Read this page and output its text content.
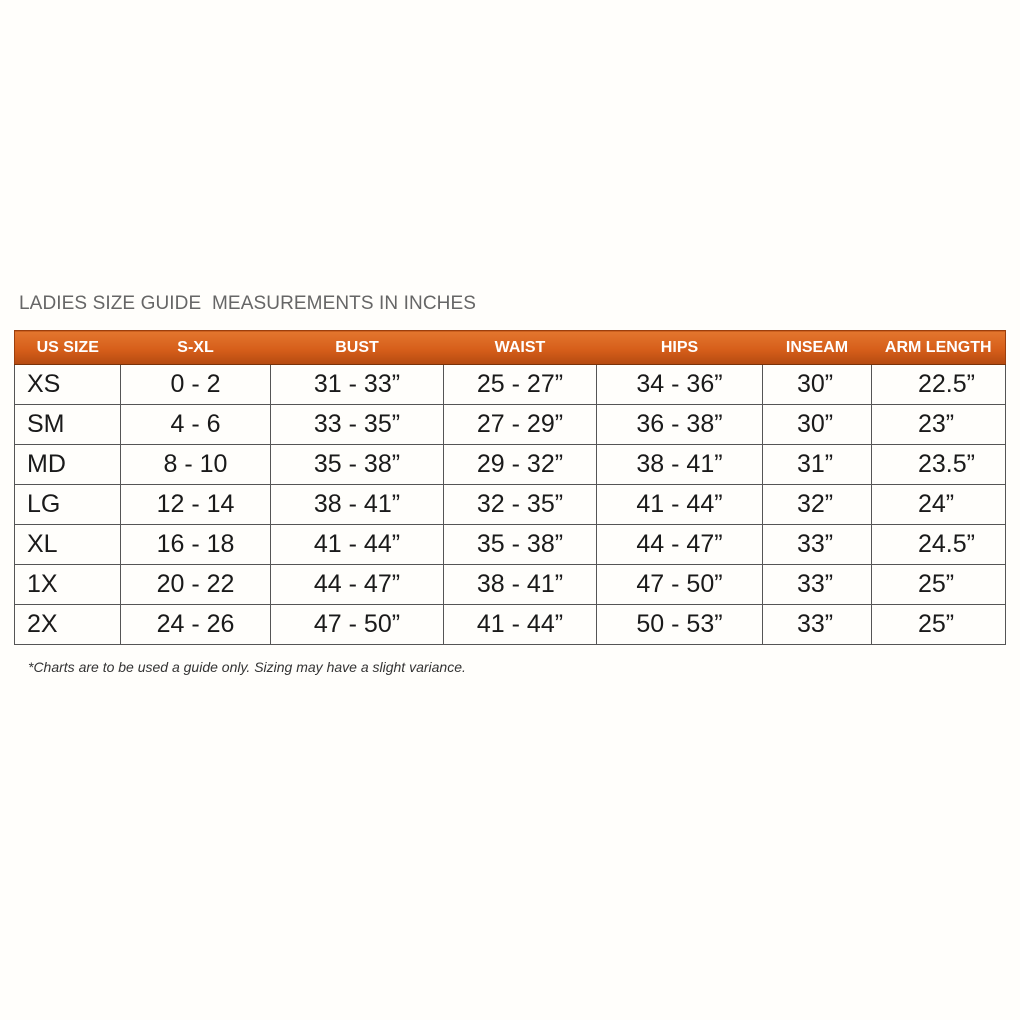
LADIES SIZE GUIDE  MEASUREMENTS IN INCHES
US SIZE	S-XL	BUST	WAIST	HIPS	INSEAM	ARM LENGTH
XS	0 - 2	31 - 33”	25 - 27”	34 - 36”	30”	22.5”
SM	4 - 6	33 - 35”	27 - 29”	36 - 38”	30”	23”
MD	8 - 10	35 - 38”	29 - 32”	38 - 41”	31”	23.5”
LG	12 - 14	38 - 41”	32 - 35”	41 - 44”	32”	24”
XL	16 - 18	41 - 44”	35 - 38”	44 - 47”	33”	24.5”
1X	20 - 22	44 - 47”	38 - 41”	47 - 50”	33”	25”
2X	24 - 26	47 - 50”	41 - 44”	50 - 53”	33”	25”
*Charts are to be used a guide only. Sizing may have a slight variance.
